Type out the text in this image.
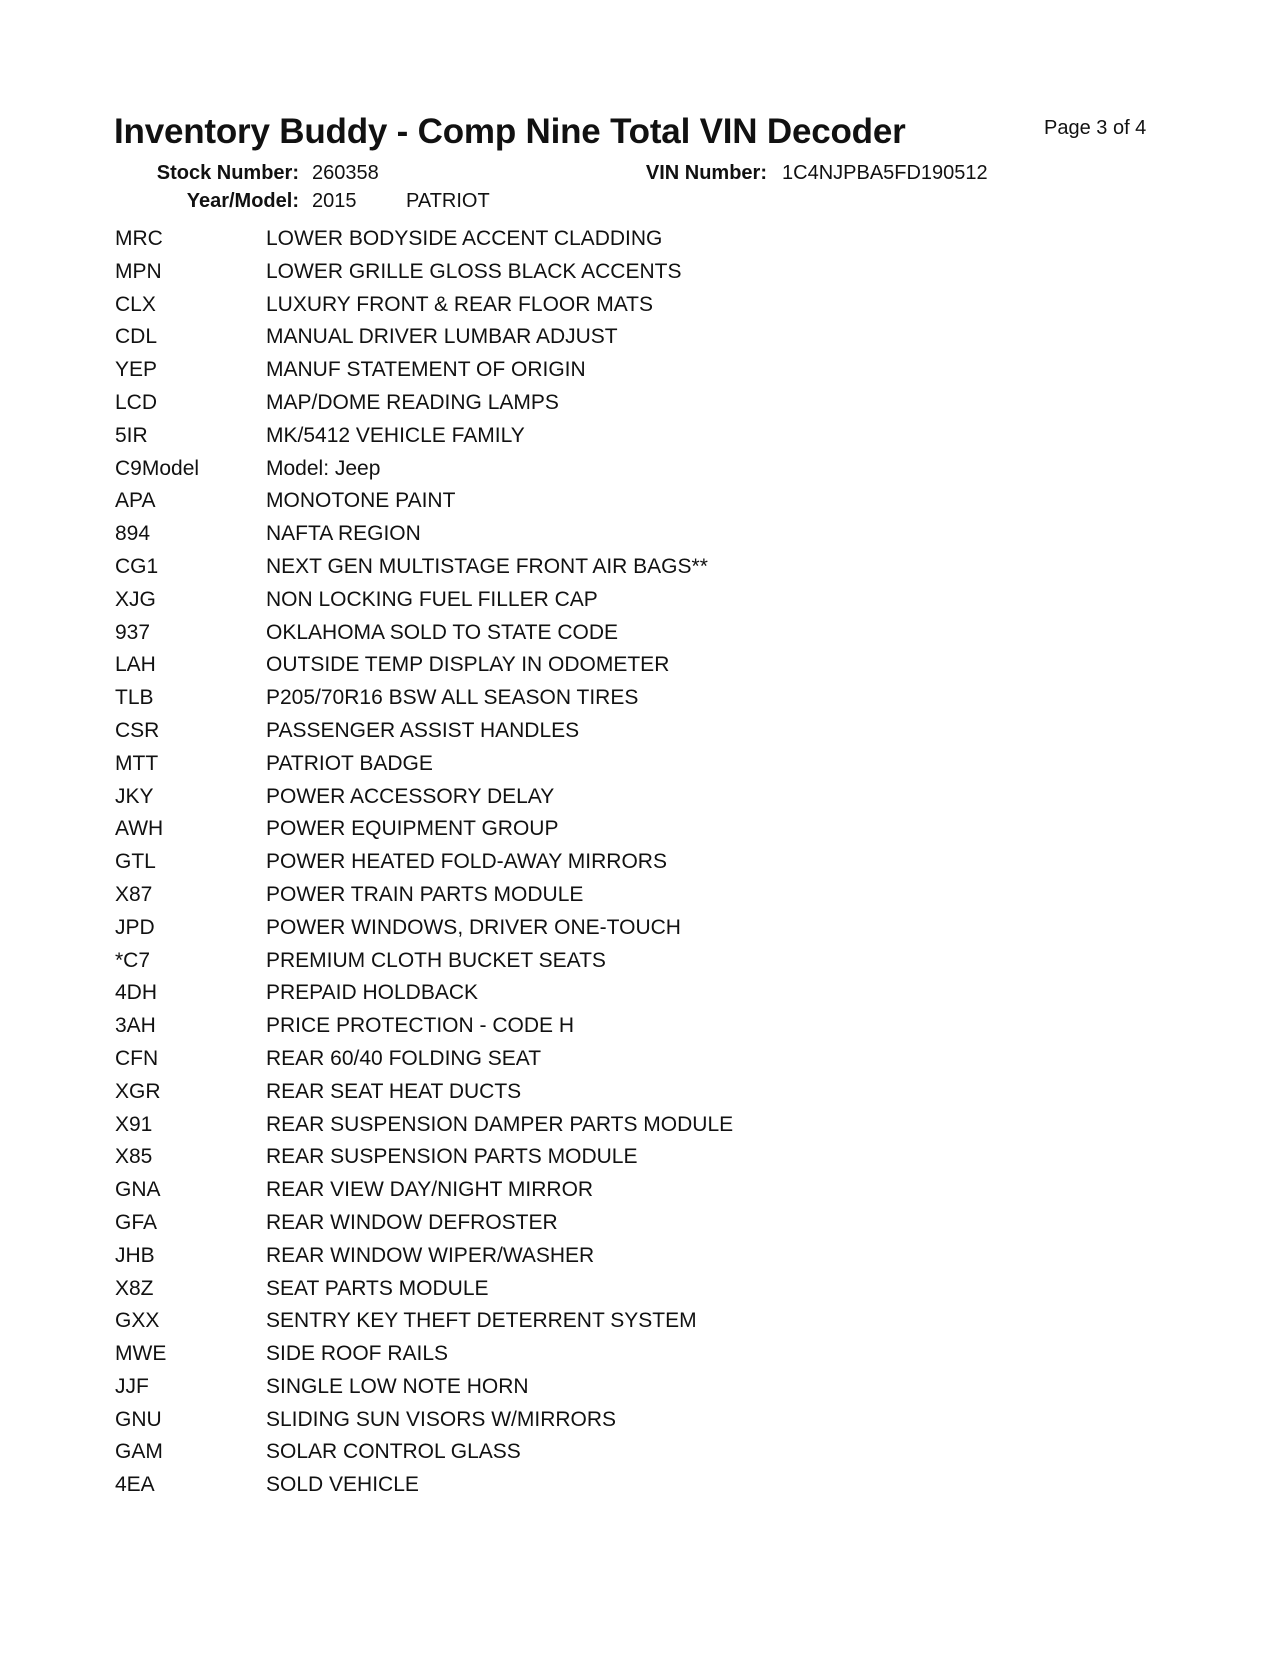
Inventory Buddy - Comp Nine Total VIN Decoder	Page 3 of 4
Stock Number: 260358
Year/Model: 2015 PATRIOT
VIN Number: 1C4NJPBA5FD190512
MRC	LOWER BODYSIDE ACCENT CLADDING
MPN	LOWER GRILLE GLOSS BLACK ACCENTS
CLX	LUXURY FRONT & REAR FLOOR MATS
CDL	MANUAL DRIVER LUMBAR ADJUST
YEP	MANUF STATEMENT OF ORIGIN
LCD	MAP/DOME READING LAMPS
5IR	MK/5412 VEHICLE FAMILY
C9Model	Model: Jeep
APA	MONOTONE PAINT
894	NAFTA REGION
CG1	NEXT GEN MULTISTAGE FRONT AIR BAGS**
XJG	NON LOCKING FUEL FILLER CAP
937	OKLAHOMA SOLD TO STATE CODE
LAH	OUTSIDE TEMP DISPLAY IN ODOMETER
TLB	P205/70R16 BSW ALL SEASON TIRES
CSR	PASSENGER ASSIST HANDLES
MTT	PATRIOT BADGE
JKY	POWER ACCESSORY DELAY
AWH	POWER EQUIPMENT GROUP
GTL	POWER HEATED FOLD-AWAY MIRRORS
X87	POWER TRAIN PARTS MODULE
JPD	POWER WINDOWS, DRIVER ONE-TOUCH
*C7	PREMIUM CLOTH BUCKET SEATS
4DH	PREPAID HOLDBACK
3AH	PRICE PROTECTION - CODE H
CFN	REAR 60/40 FOLDING SEAT
XGR	REAR SEAT HEAT DUCTS
X91	REAR SUSPENSION DAMPER PARTS MODULE
X85	REAR SUSPENSION PARTS MODULE
GNA	REAR VIEW DAY/NIGHT MIRROR
GFA	REAR WINDOW DEFROSTER
JHB	REAR WINDOW WIPER/WASHER
X8Z	SEAT PARTS MODULE
GXX	SENTRY KEY THEFT DETERRENT SYSTEM
MWE	SIDE ROOF RAILS
JJF	SINGLE LOW NOTE HORN
GNU	SLIDING SUN VISORS W/MIRRORS
GAM	SOLAR CONTROL GLASS
4EA	SOLD VEHICLE
